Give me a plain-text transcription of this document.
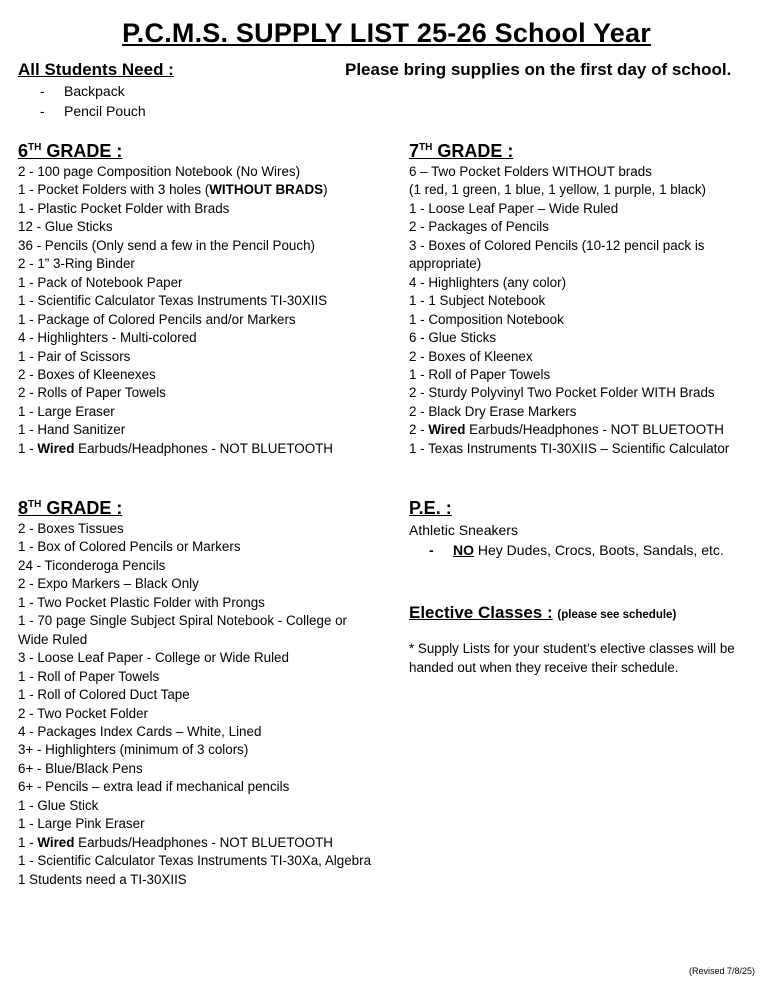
P.C.M.S. SUPPLY LIST 25-26 School Year
All Students Need :	Please bring supplies on the first day of school.
- Backpack
- Pencil Pouch
6TH GRADE :
2 - 100 page Composition Notebook (No Wires)
1 - Pocket Folders with 3 holes (WITHOUT BRADS)
1 - Plastic Pocket Folder with Brads
12 - Glue Sticks
36 - Pencils (Only send a few in the Pencil Pouch)
2 - 1” 3-Ring Binder
1 - Pack of Notebook Paper
1 - Scientific Calculator Texas Instruments TI-30XIIS
1 - Package of Colored Pencils and/or Markers
4 - Highlighters - Multi-colored
1 - Pair of Scissors
2 - Boxes of Kleenexes
2 - Rolls of Paper Towels
1 - Large Eraser
1 - Hand Sanitizer
1 - Wired Earbuds/Headphones - NOT BLUETOOTH
7TH GRADE :
6 – Two Pocket Folders WITHOUT brads
(1 red, 1 green, 1 blue, 1 yellow, 1 purple, 1 black)
1 - Loose Leaf Paper – Wide Ruled
2 - Packages of Pencils
3 - Boxes of Colored Pencils (10-12 pencil pack is appropriate)
4 - Highlighters (any color)
1 - 1 Subject Notebook
1 - Composition Notebook
6 - Glue Sticks
2 - Boxes of Kleenex
1 - Roll of Paper Towels
2 - Sturdy Polyvinyl Two Pocket Folder WITH Brads
2 - Black Dry Erase Markers
2 - Wired Earbuds/Headphones - NOT BLUETOOTH
1 - Texas Instruments TI-30XIIS – Scientific Calculator
8TH GRADE :
2 - Boxes Tissues
1 - Box of Colored Pencils or Markers
24 - Ticonderoga Pencils
2 - Expo Markers – Black Only
1 - Two Pocket Plastic Folder with Prongs
1 - 70 page Single Subject Spiral Notebook - College or Wide Ruled
3 - Loose Leaf Paper - College or Wide Ruled
1 - Roll of Paper Towels
1 - Roll of Colored Duct Tape
2 - Two Pocket Folder
4 - Packages Index Cards – White, Lined
3+ - Highlighters (minimum of 3 colors)
6+ - Blue/Black Pens
6+ - Pencils – extra lead if mechanical pencils
1 - Glue Stick
1 - Large Pink Eraser
1 - Wired Earbuds/Headphones - NOT BLUETOOTH
1 - Scientific Calculator Texas Instruments TI-30Xa, Algebra 1 Students need a TI-30XIIS
P.E. :
Athletic Sneakers
- NO Hey Dudes, Crocs, Boots, Sandals, etc.
Elective Classes : (please see schedule)
* Supply Lists for your student’s elective classes will be handed out when they receive their schedule.
(Revised 7/8/25)
